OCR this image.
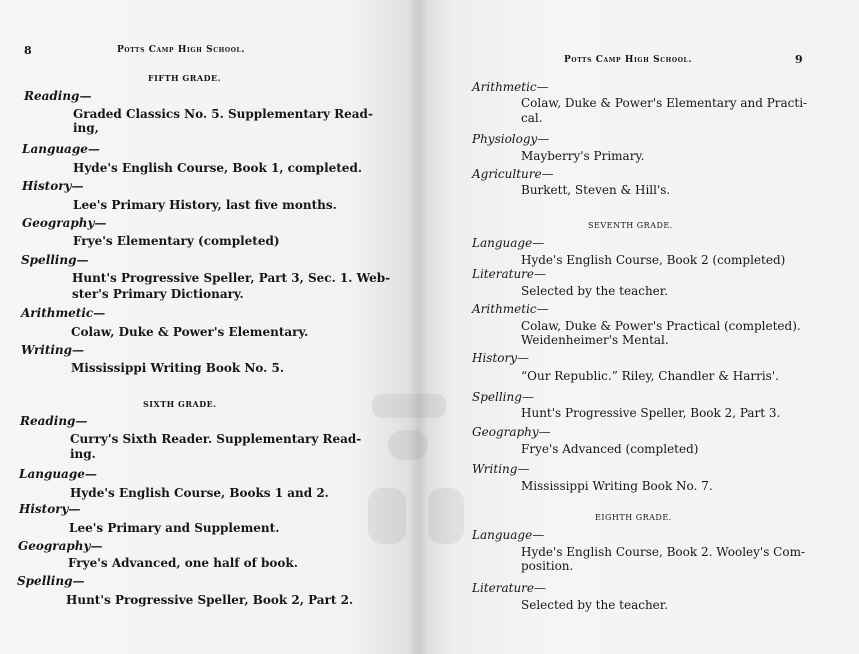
8	Potts Camp High School.
FIFTH GRADE.
Reading—
Graded Classics No. 5. Supplementary Read-
ing,
Language—
Hyde's English Course, Book 1, completed.
History—
Lee's Primary History, last five months.
Geography—
Frye's Elementary (completed)
Spelling—
Hunt's Progressive Speller, Part 3, Sec. 1. Web-
ster's Primary Dictionary.
Arithmetic—
Colaw, Duke & Power's Elementary.
Writing—
Mississippi Writing Book No. 5.
SIXTH GRADE.
Reading—
Curry's Sixth Reader. Supplementary Read-
ing.
Language—
Hyde's English Course, Books 1 and 2.
History—
Lee's Primary and Supplement.
Geography—
Frye's Advanced, one half of book.
Spelling—
Hunt's Progressive Speller, Book 2, Part 2.
Potts Camp High School.	9
Arithmetic—
Colaw, Duke & Power's Elementary and Practi-
cal.
Physiology—
Mayberry's Primary.
Agriculture—
Burkett, Steven & Hill's.
SEVENTH GRADE.
Language—
Hyde's English Course, Book 2 (completed)
Literature—
Selected by the teacher.
Arithmetic—
Colaw, Duke & Power's Practical (completed).
Weidenheimer's Mental.
History—
“Our Republic.” Riley, Chandler & Harris'.
Spelling—
Hunt's Progressive Speller, Book 2, Part 3.
Geography—
Frye's Advanced (completed)
Writing—
Mississippi Writing Book No. 7.
EIGHTH GRADE.
Language—
Hyde's English Course, Book 2. Wooley's Com-
position.
Literature—
Selected by the teacher.
